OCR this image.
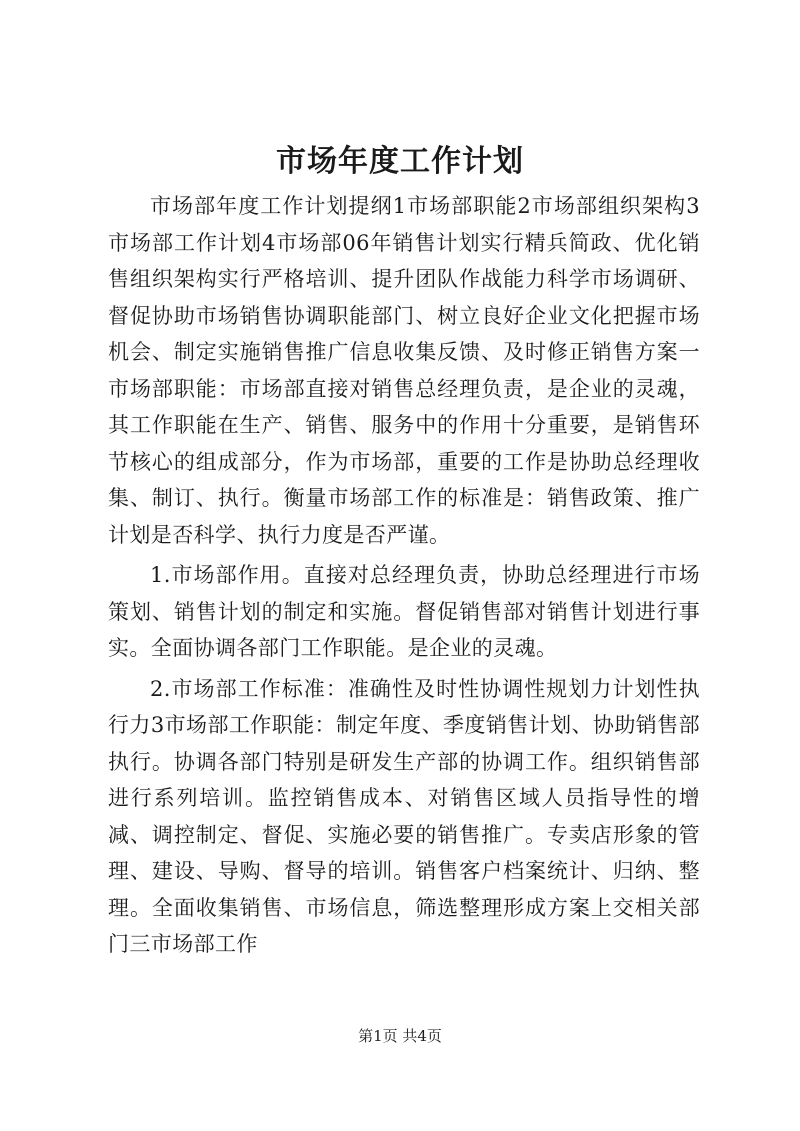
市场年度工作计划

市场部年度工作计划提纲1市场部职能2市场部组织架构3市场部工作计划4市场部06年销售计划实行精兵简政、优化销售组织架构实行严格培训、提升团队作战能力科学市场调研、督促协助市场销售协调职能部门、树立良好企业文化把握市场机会、制定实施销售推广信息收集反馈、及时修正销售方案一市场部职能：市场部直接对销售总经理负责，是企业的灵魂，其工作职能在生产、销售、服务中的作用十分重要，是销售环节核心的组成部分，作为市场部，重要的工作是协助总经理收集、制订、执行。衡量市场部工作的标准是：销售政策、推广计划是否科学、执行力度是否严谨。

1.市场部作用。直接对总经理负责，协助总经理进行市场策划、销售计划的制定和实施。督促销售部对销售计划进行事实。全面协调各部门工作职能。是企业的灵魂。

2.市场部工作标准：准确性及时性协调性规划力计划性执行力3市场部工作职能：制定年度、季度销售计划、协助销售部执行。协调各部门特别是研发生产部的协调工作。组织销售部进行系列培训。监控销售成本、对销售区域人员指导性的增减、调控制定、督促、实施必要的销售推广。专卖店形象的管理、建设、导购、督导的培训。销售客户档案统计、归纳、整理。全面收集销售、市场信息，筛选整理形成方案上交相关部门三市场部工作

第1页 共4页
